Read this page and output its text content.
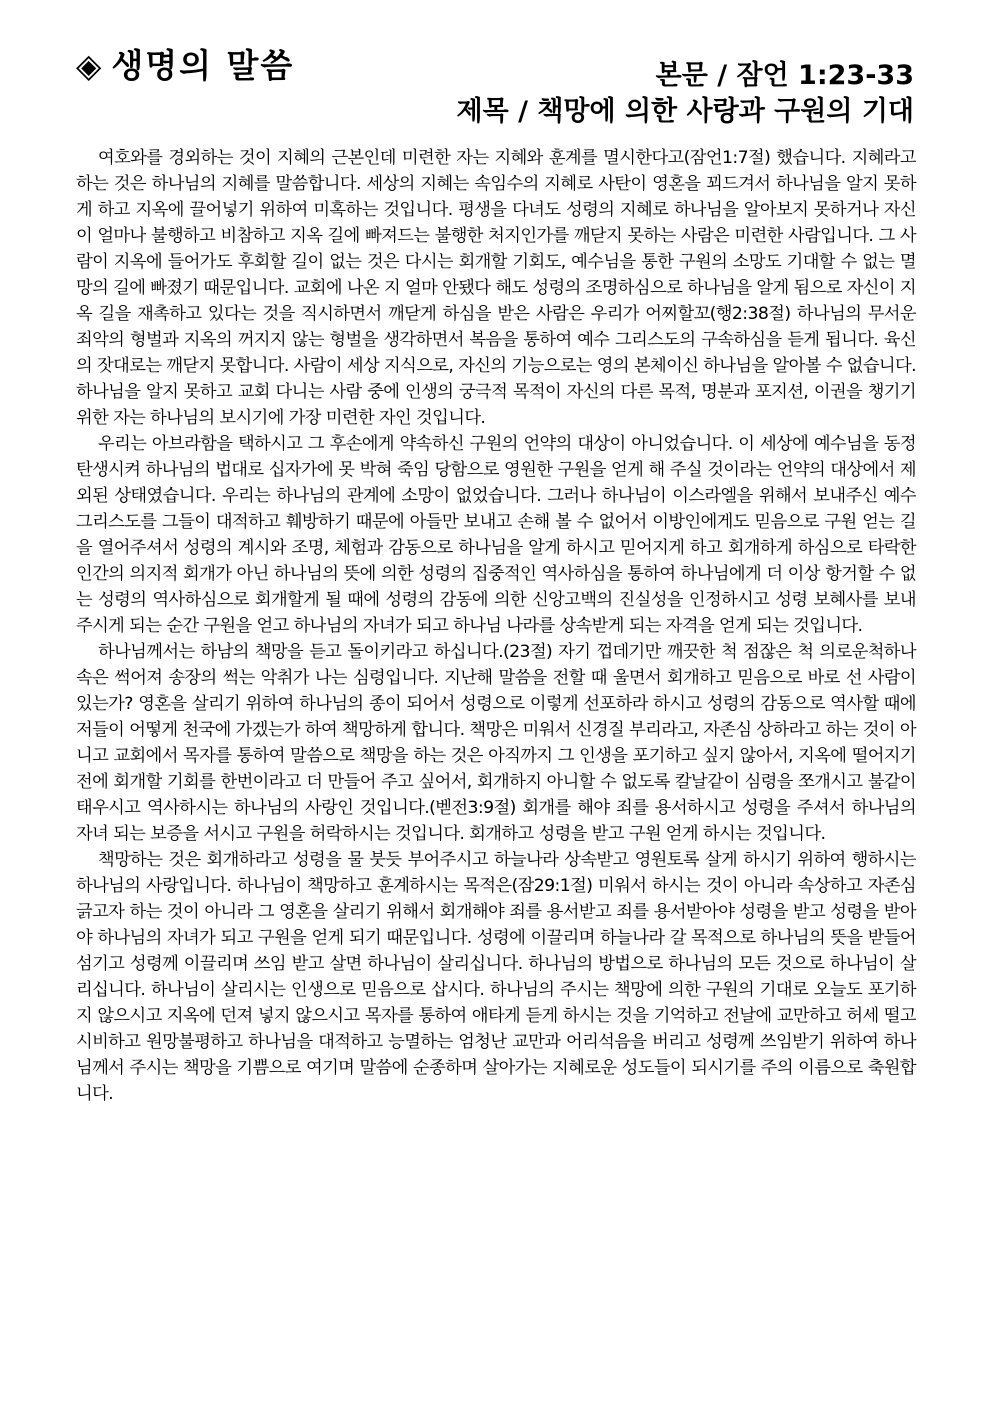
◈ 생명의 말씀	본문 / 잠언 1:23-33
제목 / 책망에 의한 사랑과 구원의 기대

여호와를 경외하는 것이 지혜의 근본인데 미련한 자는 지혜와 훈계를 멸시한다고(잠언1:7절) 했습니다. 지혜라고 하는 것은 하나님의 지혜를 말씀합니다. 세상의 지혜는 속임수의 지혜로 사탄이 영혼을 꾀드겨서 하나님을 알지 못하게 하고 지옥에 끌어넣기 위하여 미혹하는 것입니다. 평생을 다녀도 성령의 지혜로 하나님을 알아보지 못하거나 자신이 얼마나 불행하고 비참하고 지옥 길에 빠져드는 불행한 처지인가를 깨닫지 못하는 사람은 미련한 사람입니다. 그 사람이 지옥에 들어가도 후회할 길이 없는 것은 다시는 회개할 기회도, 예수님을 통한 구원의 소망도 기대할 수 없는 멸망의 길에 빠졌기 때문입니다. 교회에 나온 지 얼마 안됐다 해도 성령의 조명하심으로 하나님을 알게 됨으로 자신이 지옥 길을 재촉하고 있다는 것을 직시하면서 깨닫게 하심을 받은 사람은 우리가 어찌할꼬(행2:38절) 하나님의 무서운 죄악의 형벌과 지옥의 꺼지지 않는 형벌을 생각하면서 복음을 통하여 예수 그리스도의 구속하심을 듣게 됩니다. 육신의 잣대로는 깨닫지 못합니다. 사람이 세상 지식으로, 자신의 기능으로는 영의 본체이신 하나님을 알아볼 수 없습니다. 하나님을 알지 못하고 교회 다니는 사람 중에 인생의 궁극적 목적이 자신의 다른 목적, 명분과 포지션, 이권을 챙기기 위한 자는 하나님의 보시기에 가장 미련한 자인 것입니다.

우리는 아브라함을 택하시고 그 후손에게 약속하신 구원의 언약의 대상이 아니었습니다. 이 세상에 예수님을 동정 탄생시켜 하나님의 법대로 십자가에 못 박혀 죽임 당함으로 영원한 구원을 얻게 해 주실 것이라는 언약의 대상에서 제외된 상태였습니다. 우리는 하나님의 관계에 소망이 없었습니다. 그러나 하나님이 이스라엘을 위해서 보내주신 예수 그리스도를 그들이 대적하고 훼방하기 때문에 아들만 보내고 손해 볼 수 없어서 이방인에게도 믿음으로 구원 얻는 길을 열어주셔서 성령의 계시와 조명, 체험과 감동으로 하나님을 알게 하시고 믿어지게 하고 회개하게 하심으로 타락한 인간의 의지적 회개가 아닌 하나님의 뜻에 의한 성령의 집중적인 역사하심을 통하여 하나님에게 더 이상 항거할 수 없는 성령의 역사하심으로 회개할게 될 때에 성령의 감동에 의한 신앙고백의 진실성을 인정하시고 성령 보혜사를 보내주시게 되는 순간 구원을 얻고 하나님의 자녀가 되고 하나님 나라를 상속받게 되는 자격을 얻게 되는 것입니다.

하나님께서는 하남의 책망을 듣고 돌이키라고 하십니다.(23절) 자기 껍데기만 깨끗한 척 점잖은 척 의로운척하나 속은 썩어져 송장의 썩는 악취가 나는 심령입니다. 지난해 말씀을 전할 때 울면서 회개하고 믿음으로 바로 선 사람이 있는가? 영혼을 살리기 위하여 하나님의 종이 되어서 성령으로 이렇게 선포하라 하시고 성령의 감동으로 역사할 때에 저들이 어떻게 천국에 가겠는가 하여 책망하게 합니다. 책망은 미워서 신경질 부리라고, 자존심 상하라고 하는 것이 아니고 교회에서 목자를 통하여 말씀으로 책망을 하는 것은 아직까지 그 인생을 포기하고 싶지 않아서, 지옥에 떨어지기 전에 회개할 기회를 한번이라고 더 만들어 주고 싶어서, 회개하지 아니할 수 없도록 칼날같이 심령을 쪼개시고 불같이 태우시고 역사하시는 하나님의 사랑인 것입니다.(벧전3:9절) 회개를 해야 죄를 용서하시고 성령을 주셔서 하나님의 자녀 되는 보증을 서시고 구원을 허락하시는 것입니다. 회개하고 성령을 받고 구원 얻게 하시는 것입니다.

책망하는 것은 회개하라고 성령을 물 붓듯 부어주시고 하늘나라 상속받고 영원토록 살게 하시기 위하여 행하시는 하나님의 사랑입니다. 하나님이 책망하고 훈계하시는 목적은(잠29:1절) 미워서 하시는 것이 아니라 속상하고 자존심 긁고자 하는 것이 아니라 그 영혼을 살리기 위해서 회개해야 죄를 용서받고 죄를 용서받아야 성령을 받고 성령을 받아야 하나님의 자녀가 되고 구원을 얻게 되기 때문입니다. 성령에 이끌리며 하늘나라 갈 목적으로 하나님의 뜻을 받들어 섬기고 성령께 이끌리며 쓰임 받고 살면 하나님이 살리십니다. 하나님의 방법으로 하나님의 모든 것으로 하나님이 살리십니다. 하나님이 살리시는 인생으로 믿음으로 삽시다. 하나님의 주시는 책망에 의한 구원의 기대로 오늘도 포기하지 않으시고 지옥에 던져 넣지 않으시고 목자를 통하여 애타게 듣게 하시는 것을 기억하고 전날에 교만하고 허세 떨고 시비하고 원망불평하고 하나님을 대적하고 능멸하는 엄청난 교만과 어리석음을 버리고 성령께 쓰임받기 위하여 하나님께서 주시는 책망을 기쁨으로 여기며 말씀에 순종하며 살아가는 지혜로운 성도들이 되시기를 주의 이름으로 축원합니다.
